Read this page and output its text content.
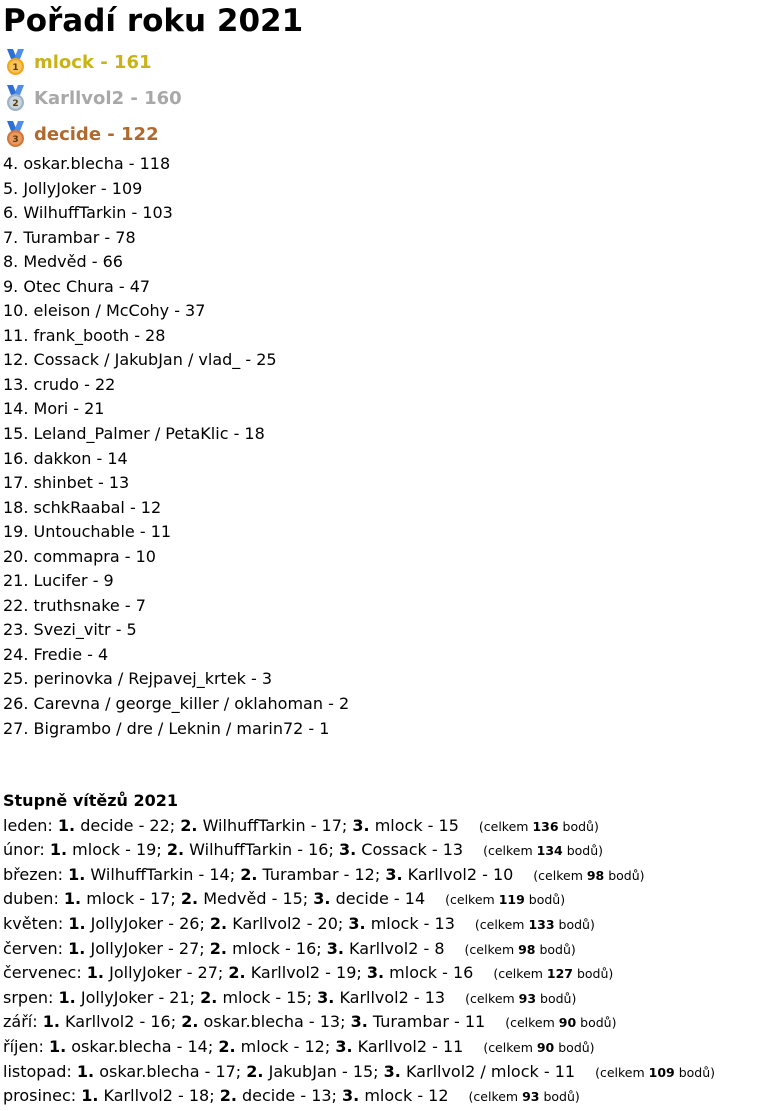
Pořadí roku 2021
1 mlock - 161
2 Karllvol2 - 160
3 decide - 122
4. oskar.blecha - 118
5. JollyJoker - 109
6. WilhuffTarkin - 103
7. Turambar - 78
8. Medvěd - 66
9. Otec Chura - 47
10. eleison / McCohy - 37
11. frank_booth - 28
12. Cossack / JakubJan / vlad_ - 25
13. crudo - 22
14. Mori - 21
15. Leland_Palmer / PetaKlic - 18
16. dakkon - 14
17. shinbet - 13
18. schkRaabal - 12
19. Untouchable - 11
20. commapra - 10
21. Lucifer - 9
22. truthsnake - 7
23. Svezi_vitr - 5
24. Fredie - 4
25. perinovka / Rejpavej_krtek - 3
26. Carevna / george_killer / oklahoman - 2
27. Bigrambo / dre / Leknin / marin72 - 1
Stupně vítězů 2021
leden: 1. decide - 22; 2. WilhuffTarkin - 17; 3. mlock - 15 (celkem 136 bodů)
únor: 1. mlock - 19; 2. WilhuffTarkin - 16; 3. Cossack - 13 (celkem 134 bodů)
březen: 1. WilhuffTarkin - 14; 2. Turambar - 12; 3. Karllvol2 - 10 (celkem 98 bodů)
duben: 1. mlock - 17; 2. Medvěd - 15; 3. decide - 14 (celkem 119 bodů)
květen: 1. JollyJoker - 26; 2. Karllvol2 - 20; 3. mlock - 13 (celkem 133 bodů)
červen: 1. JollyJoker - 27; 2. mlock - 16; 3. Karllvol2 - 8 (celkem 98 bodů)
červenec: 1. JollyJoker - 27; 2. Karllvol2 - 19; 3. mlock - 16 (celkem 127 bodů)
srpen: 1. JollyJoker - 21; 2. mlock - 15; 3. Karllvol2 - 13 (celkem 93 bodů)
září: 1. Karllvol2 - 16; 2. oskar.blecha - 13; 3. Turambar - 11 (celkem 90 bodů)
říjen: 1. oskar.blecha - 14; 2. mlock - 12; 3. Karllvol2 - 11 (celkem 90 bodů)
listopad: 1. oskar.blecha - 17; 2. JakubJan - 15; 3. Karllvol2 / mlock - 11 (celkem 109 bodů)
prosinec: 1. Karllvol2 - 18; 2. decide - 13; 3. mlock - 12 (celkem 93 bodů)
